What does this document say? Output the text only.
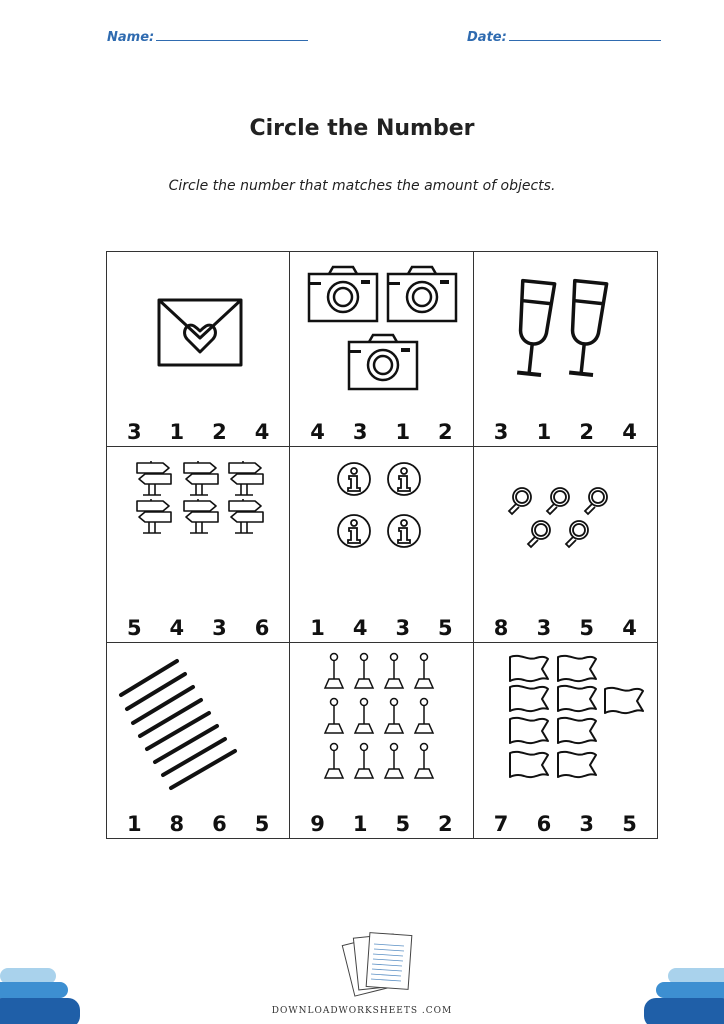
Name:	Date:
Circle the Number
Circle the number that matches the amount of objects.
3 1 2 4 4 3 1 2 3 1 2 4
5 4 3 6 1 4 3 5 8 3 5 4
1 8 6 5 9 1 5 2 7 6 3 5
DOWNLOADWORKSHEETS .COM
